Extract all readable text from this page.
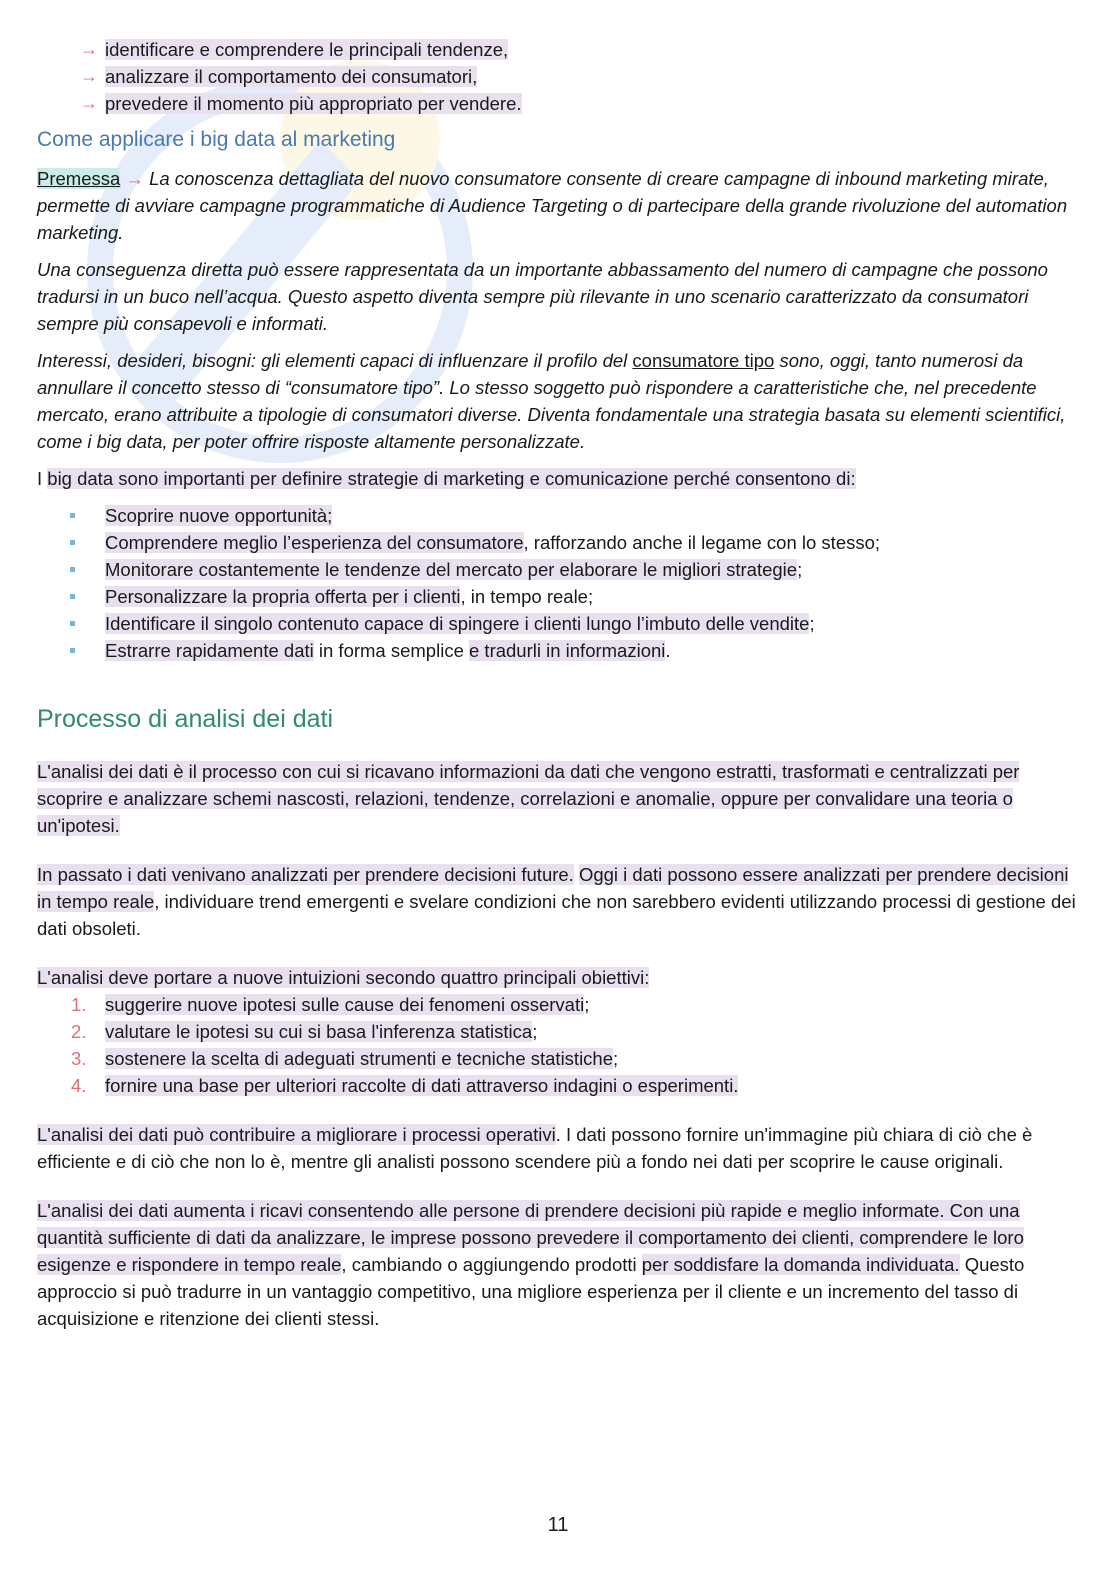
→ identificare e comprendere le principali tendenze,
→ analizzare il comportamento dei consumatori,
→ prevedere il momento più appropriato per vendere.
Come applicare i big data al marketing

Premessa → La conoscenza dettagliata del nuovo consumatore consente di creare campagne di inbound marketing mirate, permette di avviare campagne programmatiche di Audience Targeting o di partecipare della grande rivoluzione del automation marketing.

Una conseguenza diretta può essere rappresentata da un importante abbassamento del numero di campagne che possono tradursi in un buco nell’acqua. Questo aspetto diventa sempre più rilevante in uno scenario caratterizzato da consumatori sempre più consapevoli e informati.

Interessi, desideri, bisogni: gli elementi capaci di influenzare il profilo del consumatore tipo sono, oggi, tanto numerosi da annullare il concetto stesso di “consumatore tipo”. Lo stesso soggetto può rispondere a caratteristiche che, nel precedente mercato, erano attribuite a tipologie di consumatori diverse. Diventa fondamentale una strategia basata su elementi scientifici, come i big data, per poter offrire risposte altamente personalizzate.

I big data sono importanti per definire strategie di marketing e comunicazione perché consentono di:

Scoprire nuove opportunità;
Comprendere meglio l’esperienza del consumatore, rafforzando anche il legame con lo stesso;
Monitorare costantemente le tendenze del mercato per elaborare le migliori strategie;
Personalizzare la propria offerta per i clienti, in tempo reale;
Identificare il singolo contenuto capace di spingere i clienti lungo l’imbuto delle vendite;
Estrarre rapidamente dati in forma semplice e tradurli in informazioni.
Processo di analisi dei dati

L'analisi dei dati è il processo con cui si ricavano informazioni da dati che vengono estratti, trasformati e centralizzati per scoprire e analizzare schemi nascosti, relazioni, tendenze, correlazioni e anomalie, oppure per convalidare una teoria o un'ipotesi.

In passato i dati venivano analizzati per prendere decisioni future. Oggi i dati possono essere analizzati per prendere decisioni in tempo reale, individuare trend emergenti e svelare condizioni che non sarebbero evidenti utilizzando processi di gestione dei dati obsoleti.

L'analisi deve portare a nuove intuizioni secondo quattro principali obiettivi:

1. suggerire nuove ipotesi sulle cause dei fenomeni osservati;
2. valutare le ipotesi su cui si basa l'inferenza statistica;
3. sostenere la scelta di adeguati strumenti e tecniche statistiche;
4. fornire una base per ulteriori raccolte di dati attraverso indagini o esperimenti.

L'analisi dei dati può contribuire a migliorare i processi operativi. I dati possono fornire un'immagine più chiara di ciò che è efficiente e di ciò che non lo è, mentre gli analisti possono scendere più a fondo nei dati per scoprire le cause originali.

L'analisi dei dati aumenta i ricavi consentendo alle persone di prendere decisioni più rapide e meglio informate. Con una quantità sufficiente di dati da analizzare, le imprese possono prevedere il comportamento dei clienti, comprendere le loro esigenze e rispondere in tempo reale, cambiando o aggiungendo prodotti per soddisfare la domanda individuata. Questo approccio si può tradurre in un vantaggio competitivo, una migliore esperienza per il cliente e un incremento del tasso di acquisizione e ritenzione dei clienti stessi.

11
